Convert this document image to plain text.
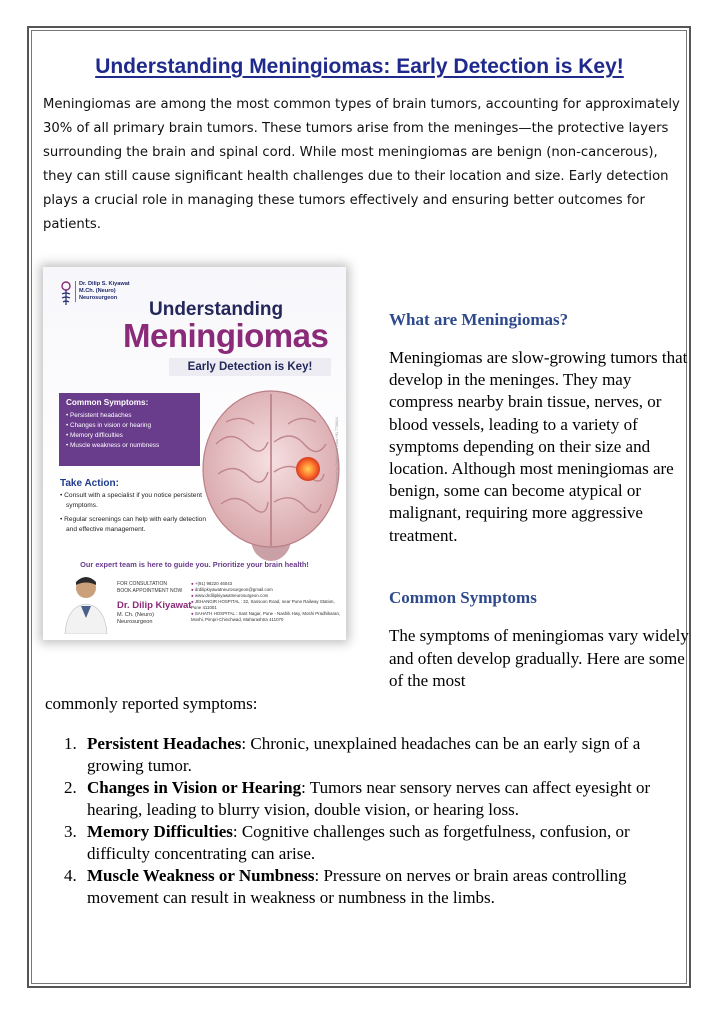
Understanding Meningiomas: Early Detection is Key!

Meningiomas are among the most common types of brain tumors, accounting for approximately 30% of all primary brain tumors. These tumors arise from the meninges—the protective layers surrounding the brain and spinal cord. While most meningiomas are benign (non-cancerous), they can still cause significant health challenges due to their location and size. Early detection plays a crucial role in managing these tumors effectively and ensuring better outcomes for patients.

Dr. Dilip S. Kiyawat
M.Ch. (Neuro)
Neurosurgeon
Understanding
Meningiomas
Early Detection is Key!
Common Symptoms:
• Persistent headaches
• Changes in vision or hearing
• Memory difficulties
• Muscle weakness or numbness
Take Action:
• Consult with a specialist if you notice persistent symptoms.
• Regular screenings can help with early detection and effective management.
Our expert team is here to guide you. Prioritize your brain health!
FOR CONSULTATION
BOOK APPOINTMENT NOW
Dr. Dilip Kiyawat
M. Ch. (Neuro)
Neurosurgeon
● +(91) 98220 46043
● drdilipkiyawatneurosurgeon@gmail.com
● www.drdilipkiyawatneurosurgeon.com
● JEHANGIR HOSPITAL : 32, Sassoon Road, near Pune Railway Station, Pune 411001
● SAHATH HOSPITAL : Sant Nagar, Pune - Nashik Hwy, Moshi Pradhikaran, Moshi, Pimpri-Chinchwad, Maharashtra 411070
Designed by Digital Kids India +91 7738624
What are Meningiomas?

Meningiomas are slow-growing tumors that develop in the meninges. They may compress nearby brain tissue, nerves, or blood vessels, leading to a variety of symptoms depending on their size and location. Although most meningiomas are benign, some can become atypical or malignant, requiring more aggressive treatment.

Common Symptoms

The symptoms of meningiomas vary widely and often develop gradually. Here are some of the most

commonly reported symptoms:

1. Persistent Headaches: Chronic, unexplained headaches can be an early sign of a growing tumor.
2. Changes in Vision or Hearing: Tumors near sensory nerves can affect eyesight or hearing, leading to blurry vision, double vision, or hearing loss.
3. Memory Difficulties: Cognitive challenges such as forgetfulness, confusion, or difficulty concentrating can arise.
4. Muscle Weakness or Numbness: Pressure on nerves or brain areas controlling movement can result in weakness or numbness in the limbs.
